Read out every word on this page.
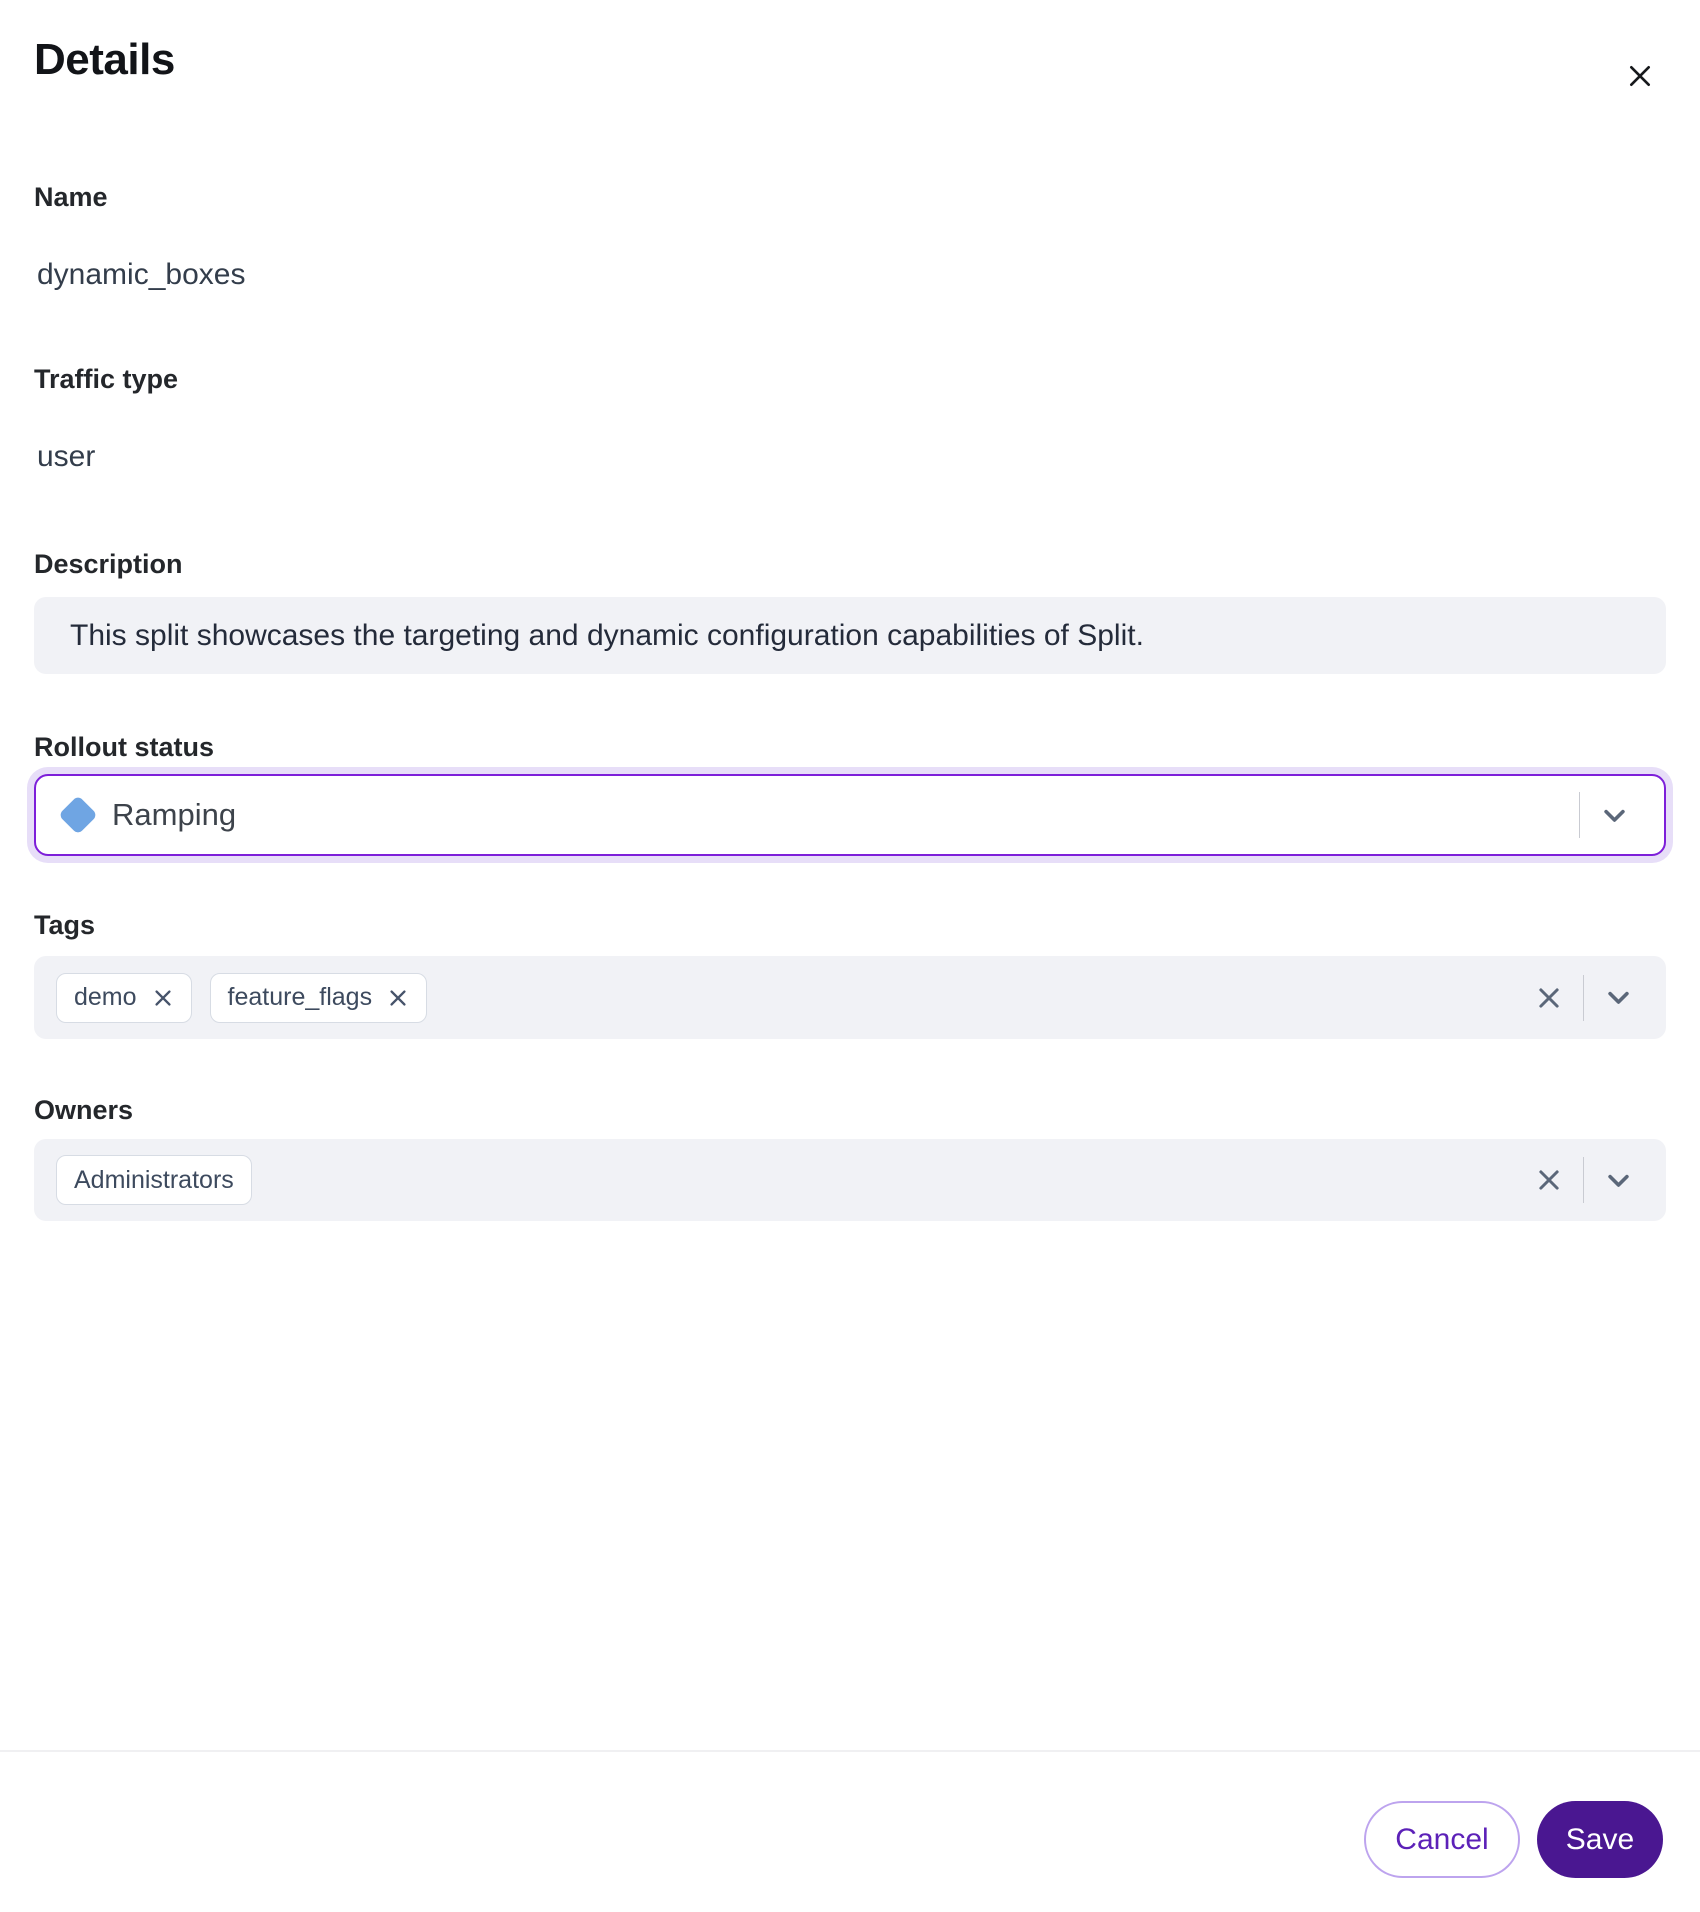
Details
Name
dynamic_boxes
Traffic type
user
Description
This split showcases the targeting and dynamic configuration capabilities of Split.
Rollout status
Ramping
Tags
demo	feature_flags
Owners
Administrators
Cancel	Save
